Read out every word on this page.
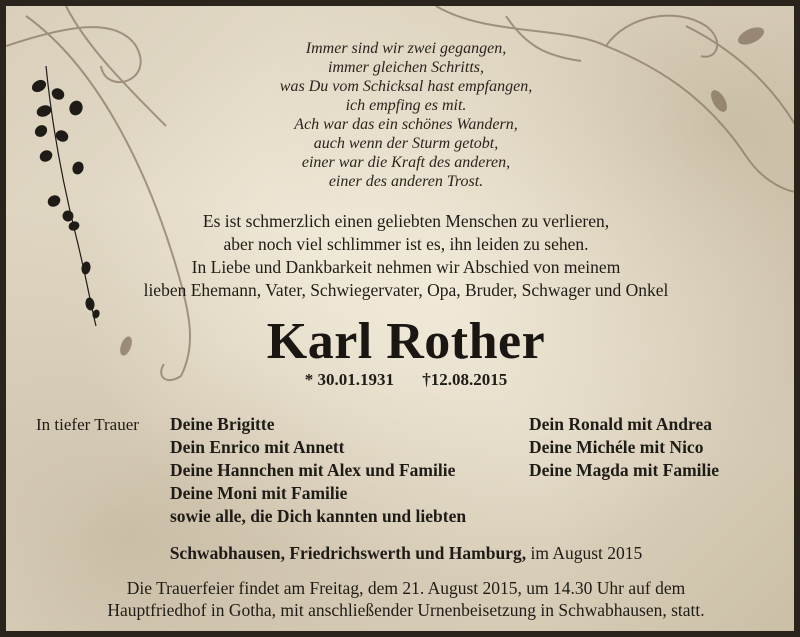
Immer sind wir zwei gegangen,
immer gleichen Schritts,
was Du vom Schicksal hast empfangen,
ich empfing es mit.
Ach war das ein schönes Wandern,
auch wenn der Sturm getobt,
einer war die Kraft des anderen,
einer des anderen Trost.
Es ist schmerzlich einen geliebten Menschen zu verlieren,
aber noch viel schlimmer ist es, ihn leiden zu sehen.
In Liebe und Dankbarkeit nehmen wir Abschied von meinem
lieben Ehemann, Vater, Schwiegervater, Opa, Bruder, Schwager und Onkel
Karl Rother
* 30.01.1931 †12.08.2015
In tiefer Trauer Deine Brigitte
Dein Enrico mit Annett
Deine Hannchen mit Alex und Familie
Deine Moni mit Familie
sowie alle, die Dich kannten und liebten
Dein Ronald mit Andrea
Deine Michéle mit Nico
Deine Magda mit Familie
Schwabhausen, Friedrichswerth und Hamburg, im August 2015
Die Trauerfeier findet am Freitag, dem 21. August 2015, um 14.30 Uhr auf dem
Hauptfriedhof in Gotha, mit anschließender Urnenbeisetzung in Schwabhausen, statt.
